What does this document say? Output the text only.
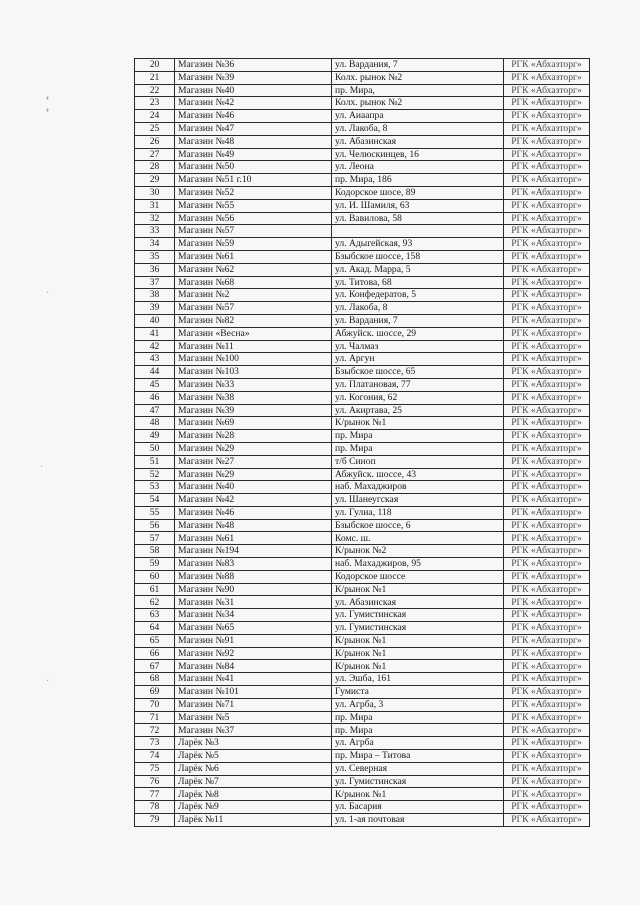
❜
❜
·
·
·
20	Магазин №36	ул. Вардания, 7	РГК «Абхазторг»
21	Магазин №39	Колх. рынок №2	РГК «Абхазторг»
22	Магазин №40	пр. Мира,	РГК «Абхазторг»
23	Магазин №42	Колх. рынок №2	РГК «Абхазторг»
24	Магазин №46	ул. Аиаапра	РГК «Абхазторг»
25	Магазин №47	ул. Лакоба, 8	РГК «Абхазторг»
26	Магазин №48	ул. Абазинская	РГК «Абхазторг»
27	Магазин №49	ул. Челюскинцев, 16	РГК «Абхазторг»
28	Магазин №50	ул. Леона	РГК «Абхазторг»
29	Магазин №51 г.10	пр. Мира, 186	РГК «Абхазторг»
30	Магазин №52	Кодорское шосе, 89	РГК «Абхазторг»
31	Магазин №55	ул. И. Шамиля, 63	РГК «Абхазторг»
32	Магазин №56	ул. Вавилова, 58	РГК «Абхазторг»
33	Магазин №57		РГК «Абхазторг»
34	Магазин №59	ул. Адыгейская, 93	РГК «Абхазторг»
35	Магазин №61	Бзыбское шоссе, 158	РГК «Абхазторг»
36	Магазин №62	ул. Акад. Марра, 5	РГК «Абхазторг»
37	Магазин №68	ул. Титова, 68	РГК «Абхазторг»
38	Магазин №2	ул. Конфедератов, 5	РГК «Абхазторг»
39	Магазин №57	ул. Лакоба, 8	РГК «Абхазторг»
40	Магазин №82	ул. Вардания, 7	РГК «Абхазторг»
41	Магазин «Весна»	Абжуйск. шоссе, 29	РГК «Абхазторг»
42	Магазин №11	ул. Чалмаз	РГК «Абхазторг»
43	Магазин №100	ул. Аргун	РГК «Абхазторг»
44	Магазин №103	Бзыбское шоссе, 65	РГК «Абхазторг»
45	Магазин №33	ул. Платановая, 77	РГК «Абхазторг»
46	Магазин №38	ул. Когония, 62	РГК «Абхазторг»
47	Магазин №39	ул. Акиртава, 25	РГК «Абхазторг»
48	Магазин №69	К/рынок №1	РГК «Абхазторг»
49	Магазин №28	пр. Мира	РГК «Абхазторг»
50	Магазин №29	пр. Мира	РГК «Абхазторг»
51	Магазин №27	т/б Синоп	РГК «Абхазторг»
52	Магазин №29	Абжуйск. шоссе, 43	РГК «Абхазторг»
53	Магазин №40	наб. Махаджиров	РГК «Абхазторг»
54	Магазин №42	ул. Шанеугская	РГК «Абхазторг»
55	Магазин №46	ул. Гулиа, 118	РГК «Абхазторг»
56	Магазин №48	Бзыбское шоссе, 6	РГК «Абхазторг»
57	Магазин №61	Комс. ш.	РГК «Абхазторг»
58	Магазин №194	К/рынок №2	РГК «Абхазторг»
59	Магазин №83	наб. Махаджиров, 95	РГК «Абхазторг»
60	Магазин №88	Кодорское шоссе	РГК «Абхазторг»
61	Магазин №90	К/рынок №1	РГК «Абхазторг»
62	Магазин №31	ул. Абазинская	РГК «Абхазторг»
63	Магазин №34	ул. Гумистинская	РГК «Абхазторг»
64	Магазин №65	ул. Гумистинская	РГК «Абхазторг»
65	Магазин №91	К/рынок №1	РГК «Абхазторг»
66	Магазин №92	К/рынок №1	РГК «Абхазторг»
67	Магазин №84	К/рынок №1	РГК «Абхазторг»
68	Магазин №41	ул. Эшба, 161	РГК «Абхазторг»
69	Магазин №101	Гумиста	РГК «Абхазторг»
70	Магазин №71	ул. Агрба, 3	РГК «Абхазторг»
71	Магазин №5	пр. Мира	РГК «Абхазторг»
72	Магазин №37	пр. Мира	РГК «Абхазторг»
73	Ларёк №3	ул. Агрба	РГК «Абхазторг»
74	Ларёк №5	пр. Мира – Титова	РГК «Абхазторг»
75	Ларёк №6	ул. Северная	РГК «Абхазторг»
76	Ларёк №7	ул. Гумистинская	РГК «Абхазторг»
77	Ларёк №8	К/рынок №1	РГК «Абхазторг»
78	Ларёк №9	ул. Басария	РГК «Абхазторг»
79	Ларёк №11	ул. 1-ая почтовая	РГК «Абхазторг»
